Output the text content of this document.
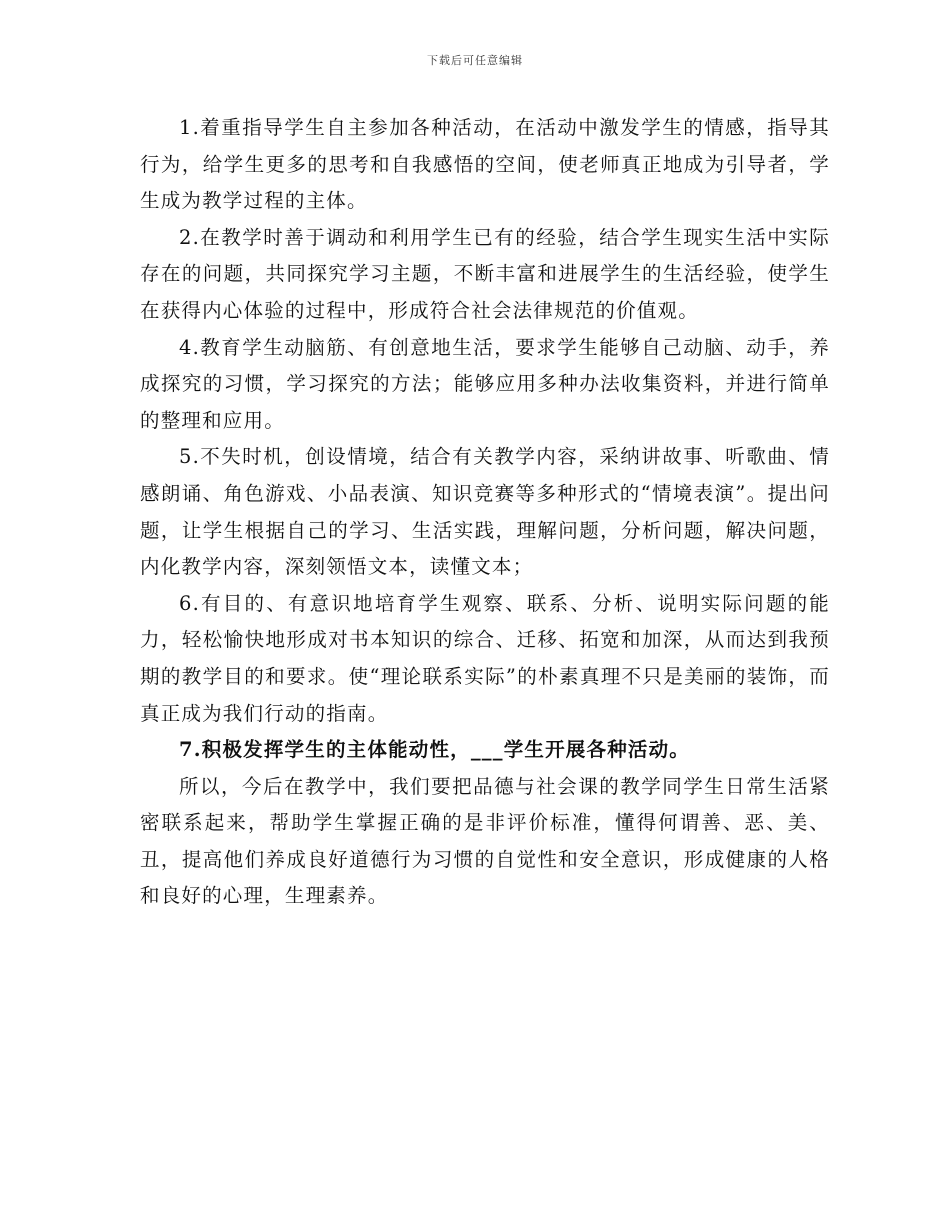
下载后可任意编辑

1.着重指导学生自主参加各种活动，在活动中激发学生的情感，指导其行为，给学生更多的思考和自我感悟的空间，使老师真正地成为引导者，学生成为教学过程的主体。

2.在教学时善于调动和利用学生已有的经验，结合学生现实生活中实际存在的问题，共同探究学习主题，不断丰富和进展学生的生活经验，使学生在获得内心体验的过程中，形成符合社会法律规范的价值观。

4.教育学生动脑筋、有创意地生活，要求学生能够自己动脑、动手，养成探究的习惯，学习探究的方法；能够应用多种办法收集资料，并进行简单的整理和应用。

5.不失时机，创设情境，结合有关教学内容，采纳讲故事、听歌曲、情感朗诵、角色游戏、小品表演、知识竞赛等多种形式的“情境表演”。提出问题，让学生根据自己的学习、生活实践，理解问题，分析问题，解决问题，内化教学内容，深刻领悟文本，读懂文本；

6.有目的、有意识地培育学生观察、联系、分析、说明实际问题的能力，轻松愉快地形成对书本知识的综合、迁移、拓宽和加深，从而达到我预期的教学目的和要求。使“理论联系实际”的朴素真理不只是美丽的装饰，而真正成为我们行动的指南。

7.积极发挥学生的主体能动性，___学生开展各种活动。

所以，今后在教学中，我们要把品德与社会课的教学同学生日常生活紧密联系起来，帮助学生掌握正确的是非评价标准，懂得何谓善、恶、美、丑，提高他们养成良好道德行为习惯的自觉性和安全意识，形成健康的人格和良好的心理，生理素养。
